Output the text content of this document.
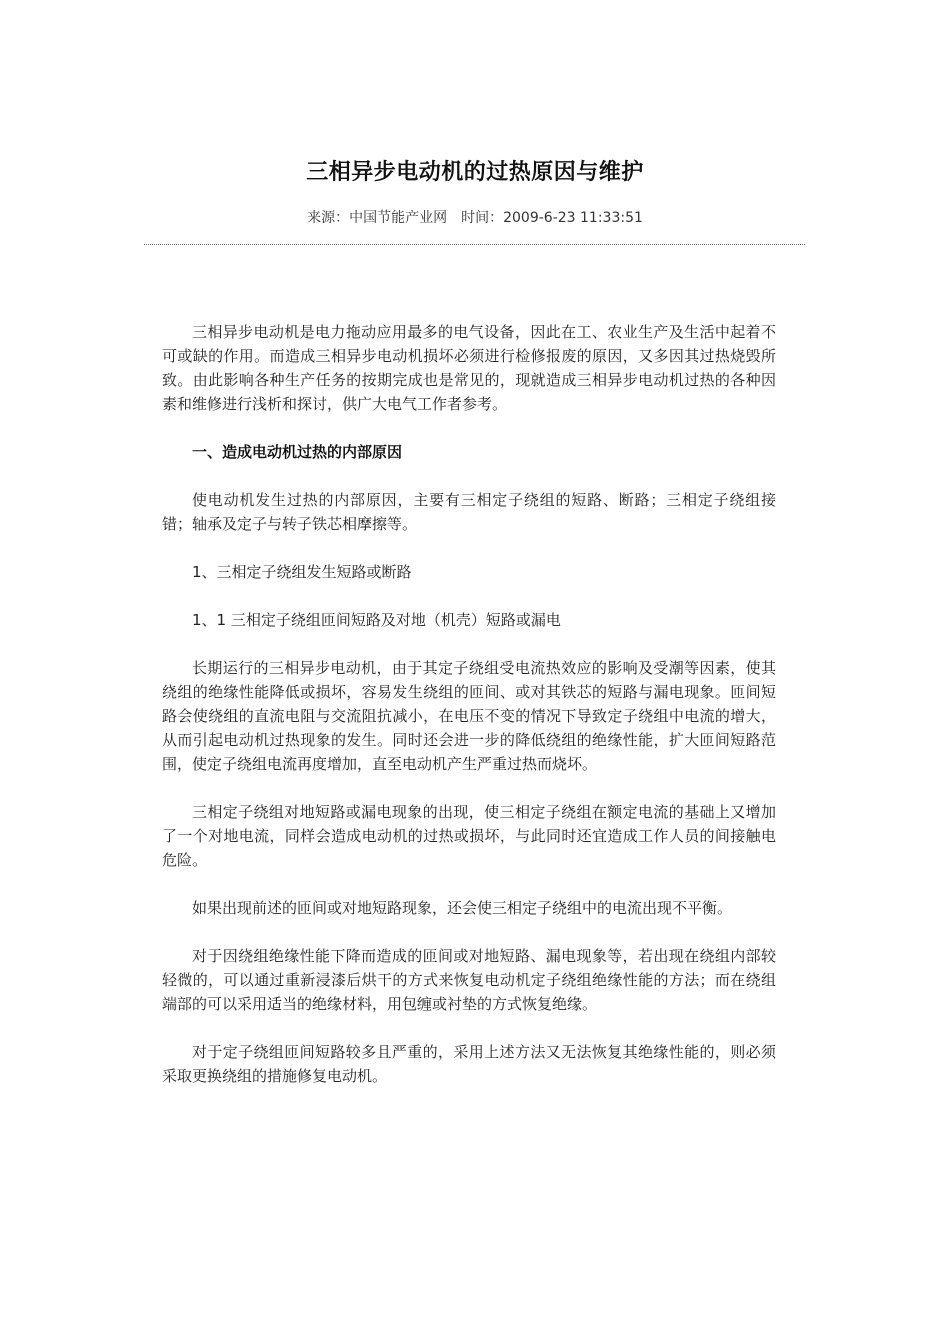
三相异步电动机的过热原因与维护
来源：中国节能产业网 时间：2009-6-23 11:33:51

三相异步电动机是电力拖动应用最多的电气设备，因此在工、农业生产及生活中起着不可或缺的作用。而造成三相异步电动机损坏必须进行检修报废的原因，又多因其过热烧毁所致。由此影响各种生产任务的按期完成也是常见的，现就造成三相异步电动机过热的各种因素和维修进行浅析和探讨，供广大电气工作者参考。

一、造成电动机过热的内部原因

使电动机发生过热的内部原因，主要有三相定子绕组的短路、断路；三相定子绕组接错；轴承及定子与转子铁芯相摩擦等。

1、三相定子绕组发生短路或断路

1、1 三相定子绕组匝间短路及对地（机壳）短路或漏电

长期运行的三相异步电动机，由于其定子绕组受电流热效应的影响及受潮等因素，使其绕组的绝缘性能降低或损坏，容易发生绕组的匝间、或对其铁芯的短路与漏电现象。匝间短路会使绕组的直流电阻与交流阻抗减小，在电压不变的情况下导致定子绕组中电流的增大，从而引起电动机过热现象的发生。同时还会进一步的降低绕组的绝缘性能，扩大匝间短路范围，使定子绕组电流再度增加，直至电动机产生严重过热而烧坏。

三相定子绕组对地短路或漏电现象的出现，使三相定子绕组在额定电流的基础上又增加了一个对地电流，同样会造成电动机的过热或损坏，与此同时还宜造成工作人员的间接触电危险。

如果出现前述的匝间或对地短路现象，还会使三相定子绕组中的电流出现不平衡。

对于因绕组绝缘性能下降而造成的匝间或对地短路、漏电现象等，若出现在绕组内部较轻微的，可以通过重新浸漆后烘干的方式来恢复电动机定子绕组绝缘性能的方法；而在绕组端部的可以采用适当的绝缘材料，用包缠或衬垫的方式恢复绝缘。

对于定子绕组匝间短路较多且严重的，采用上述方法又无法恢复其绝缘性能的，则必须采取更换绕组的措施修复电动机。
